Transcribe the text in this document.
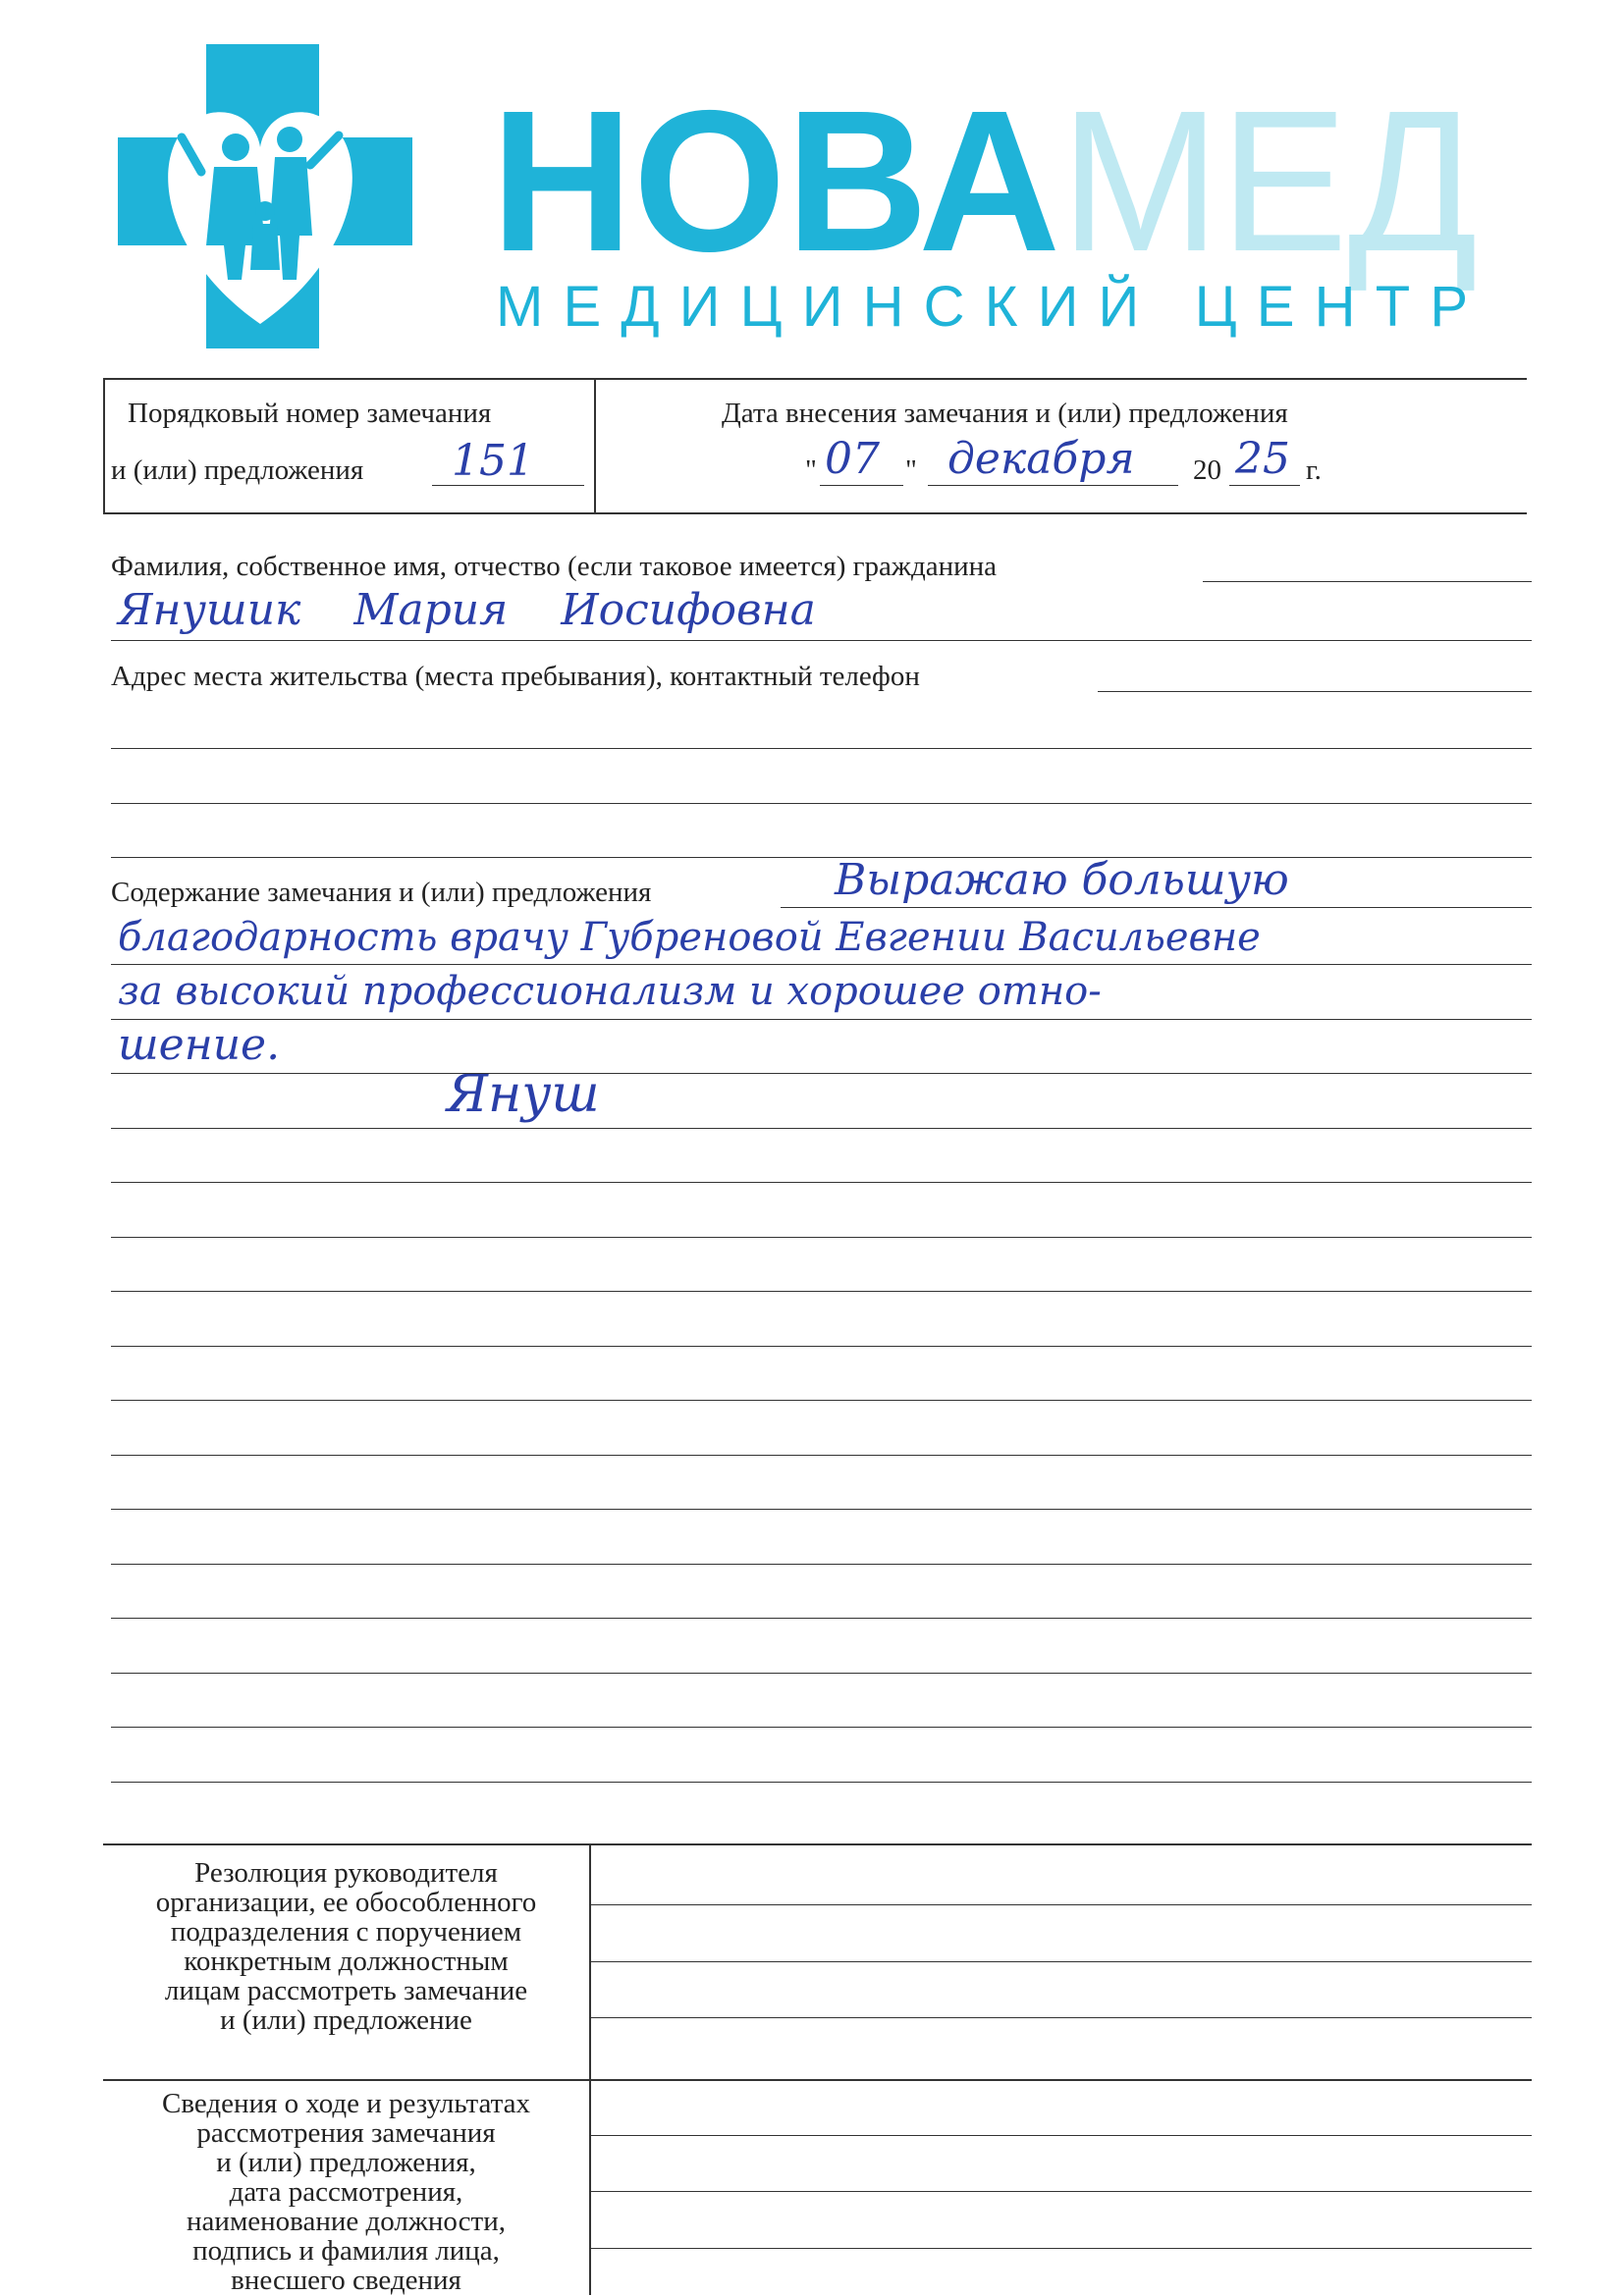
НОВА МЕД
МЕДИЦИНСКИЙ ЦЕНТР
Порядковый номер замечания
и (или) предложения 151
Дата внесения замечания и (или) предложения
" 07 " декабря 20 25 г.
Фамилия, собственное имя, отчество (если таковое имеется) гражданина
Янушик Мария Иосифовна
Адрес места жительства (места пребывания), контактный телефон
Содержание замечания и (или) предложения	Выражаю большую
благодарность врачу Губреновой Евгении Васильевне
за высокий профессионализм и хорошее отно-
шение.
Януш
Резолюция руководителя
организации, ее обособленного
подразделения с поручением
конкретным должностным
лицам рассмотреть замечание
и (или) предложение
Сведения о ходе и результатах
рассмотрения замечания
и (или) предложения,
дата рассмотрения,
наименование должности,
подпись и фамилия лица,
внесшего сведения
